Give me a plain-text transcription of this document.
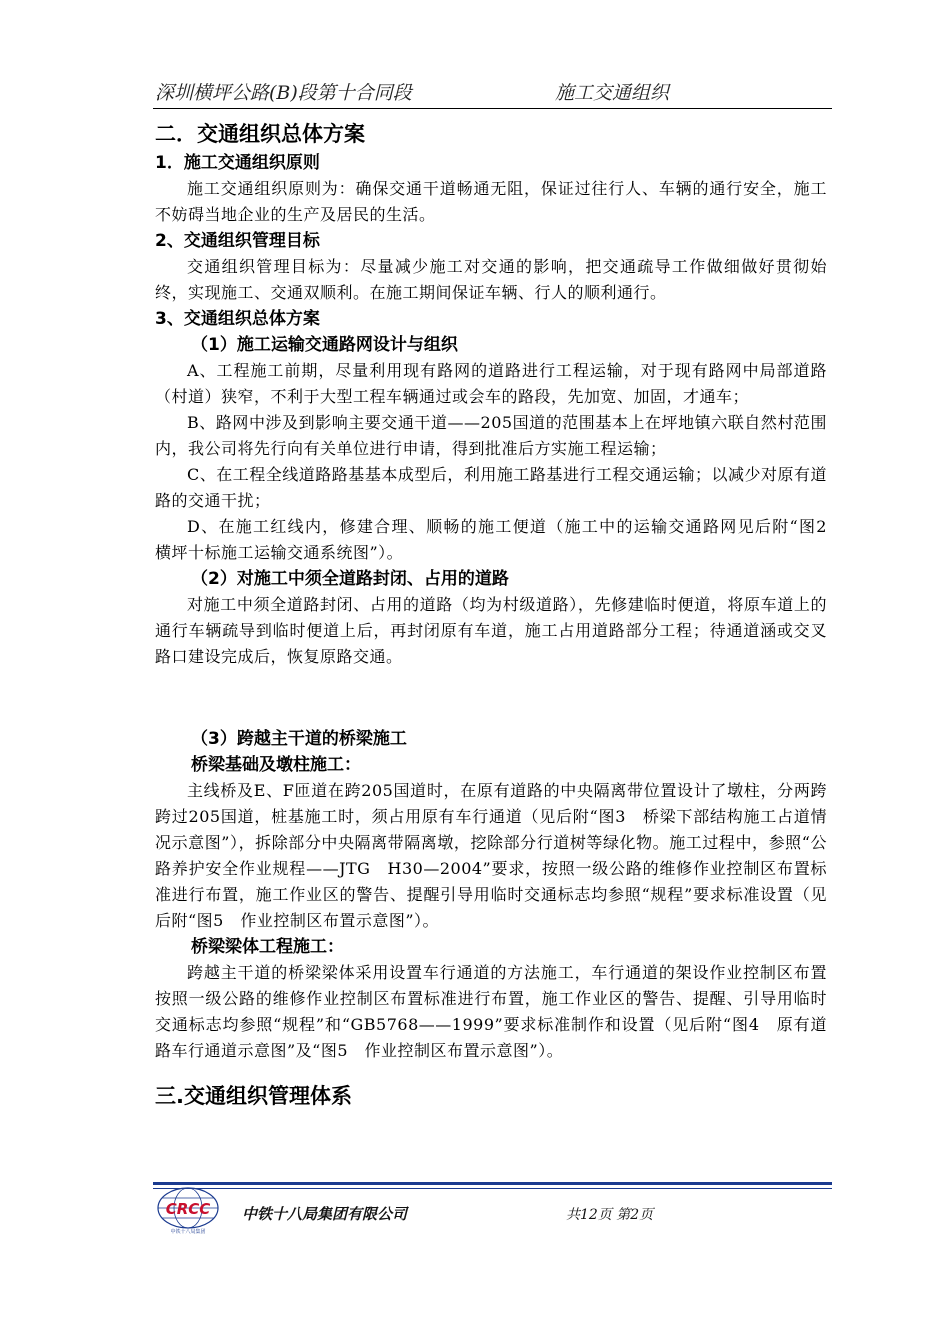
深圳横坪公路(B)段第十合同段	施工交通组织
二．交通组织总体方案
1．施工交通组织原则

施工交通组织原则为：确保交通干道畅通无阻，保证过往行人、车辆的通行安全，施工不妨碍当地企业的生产及居民的生活。

2、交通组织管理目标

交通组织管理目标为：尽量减少施工对交通的影响，把交通疏导工作做细做好贯彻始终，实现施工、交通双顺利。在施工期间保证车辆、行人的顺利通行。

3、交通组织总体方案
（1）施工运输交通路网设计与组织

A、工程施工前期，尽量利用现有路网的道路进行工程运输，对于现有路网中局部道路（村道）狭窄，不利于大型工程车辆通过或会车的路段，先加宽、加固，才通车；

B、路网中涉及到影响主要交通干道——205国道的范围基本上在坪地镇六联自然村范围内，我公司将先行向有关单位进行申请，得到批准后方实施工程运输；

C、在工程全线道路路基基本成型后，利用施工路基进行工程交通运输；以减少对原有道路的交通干扰；

D、在施工红线内，修建合理、顺畅的施工便道（施工中的运输交通路网见后附“图2　横坪十标施工运输交通系统图”）。

（2）对施工中须全道路封闭、占用的道路

对施工中须全道路封闭、占用的道路（均为村级道路），先修建临时便道，将原车道上的通行车辆疏导到临时便道上后，再封闭原有车道，施工占用道路部分工程；待通道涵或交叉路口建设完成后，恢复原路交通。

（3）跨越主干道的桥梁施工
桥梁基础及墩柱施工：

主线桥及E、F匝道在跨205国道时，在原有道路的中央隔离带位置设计了墩柱，分两跨跨过205国道，桩基施工时，须占用原有车行通道（见后附“图3　桥梁下部结构施工占道情况示意图”），拆除部分中央隔离带隔离墩，挖除部分行道树等绿化物。施工过程中，参照“公路养护安全作业规程——JTG　H30—2004”要求，按照一级公路的维修作业控制区布置标准进行布置，施工作业区的警告、提醒引导用临时交通标志均参照“规程”要求标准设置（见后附“图5　作业控制区布置示意图”）。

桥梁梁体工程施工：

跨越主干道的桥梁梁体采用设置车行通道的方法施工，车行通道的架设作业控制区布置按照一级公路的维修作业控制区布置标准进行布置，施工作业区的警告、提醒、引导用临时交通标志均参照“规程”和“GB5768——1999”要求标准制作和设置（见后附“图4　原有道路车行通道示意图”及“图5　作业控制区布置示意图”）。

三.交通组织管理体系
CRCC
中铁十八局集团
中铁十八局集团有限公司	共12页 第2页
